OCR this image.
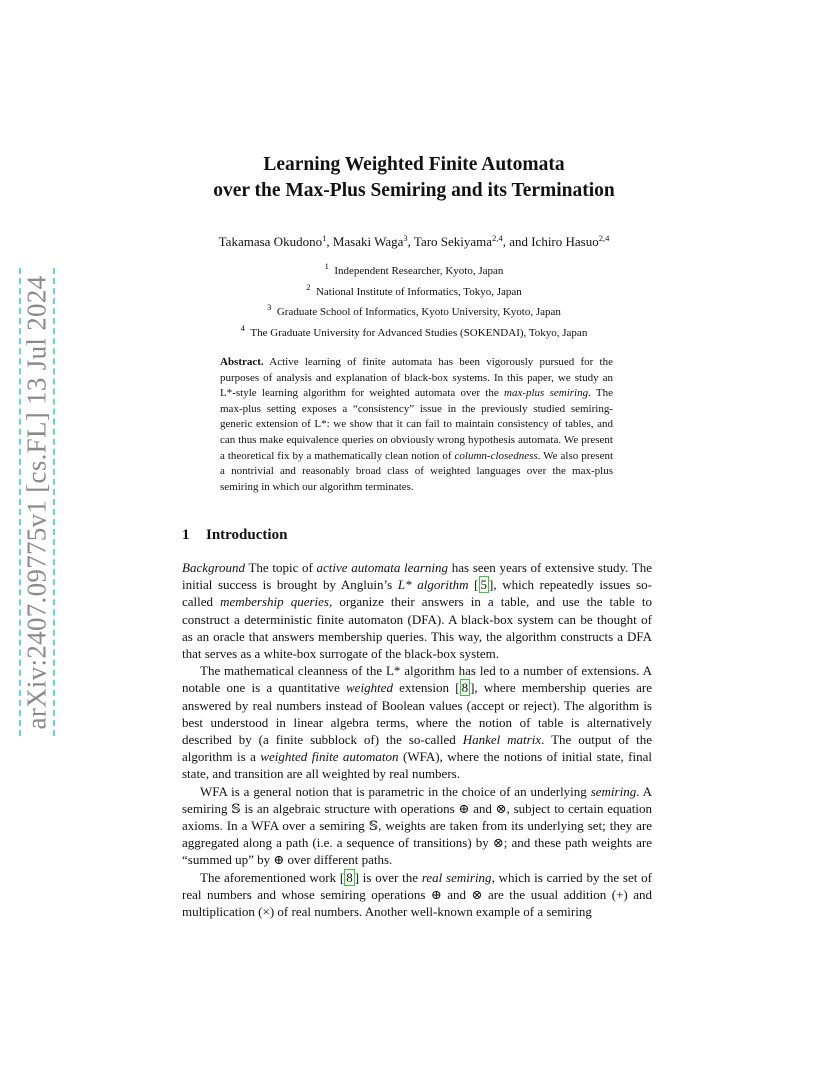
arXiv:2407.09775v1 [cs.FL] 13 Jul 2024
Learning Weighted Finite Automata
over the Max-Plus Semiring and its Termination
Takamasa Okudono$^1$, Masaki Waga$^3$, Taro Sekiyama$^{2,4}$, and Ichiro Hasuo$^{2,4}$
$^1$ Independent Researcher, Kyoto, Japan
$^2$ National Institute of Informatics, Tokyo, Japan
$^3$ Graduate School of Informatics, Kyoto University, Kyoto, Japan
$^4$ The Graduate University for Advanced Studies (SOKENDAI), Tokyo, Japan
Abstract. Active learning of finite automata has been vigorously pursued for the purposes of analysis and explanation of black-box systems. In this paper, we study an L*-style learning algorithm for weighted automata over the max-plus semiring. The max-plus setting exposes a “consistency” issue in the previously studied semiring-generic extension of L*: we show that it can fail to maintain consistency of tables, and can thus make equivalence queries on obviously wrong hypothesis automata. We present a theoretical fix by a mathematically clean notion of column-closedness. We also present a nontrivial and reasonably broad class of weighted languages over the max-plus semiring in which our algorithm terminates.
1 Introduction

Background The topic of active automata learning has seen years of extensive study. The initial success is brought by Angluin’s L* algorithm [ 5 ], which repeatedly issues so-called membership queries, organize their answers in a table, and use the table to construct a deterministic finite automaton (DFA). A black-box system can be thought of as an oracle that answers membership queries. This way, the algorithm constructs a DFA that serves as a white-box surrogate of the black-box system.

The mathematical cleanness of the L* algorithm has led to a number of extensions. A notable one is a quantitative weighted extension [ 8 ], where membership queries are answered by real numbers instead of Boolean values (accept or reject). The algorithm is best understood in linear algebra terms, where the notion of table is alternatively described by (a finite subblock of) the so-called Hankel matrix. The output of the algorithm is a weighted finite automaton (WFA), where the notions of initial state, final state, and transition are all weighted by real numbers.

WFA is a general notion that is parametric in the choice of an underlying semiring. A semiring 𝕊 is an algebraic structure with operations ⊕ and ⊗, subject to certain equation axioms. In a WFA over a semiring 𝕊, weights are taken from its underlying set; they are aggregated along a path (i.e. a sequence of transitions) by ⊗; and these path weights are “summed up” by ⊕ over different paths.

The aforementioned work [ 8 ] is over the real semiring, which is carried by the set of real numbers and whose semiring operations ⊕ and ⊗ are the usual addition (+) and multiplication (×) of real numbers. Another well-known example of a semiring
